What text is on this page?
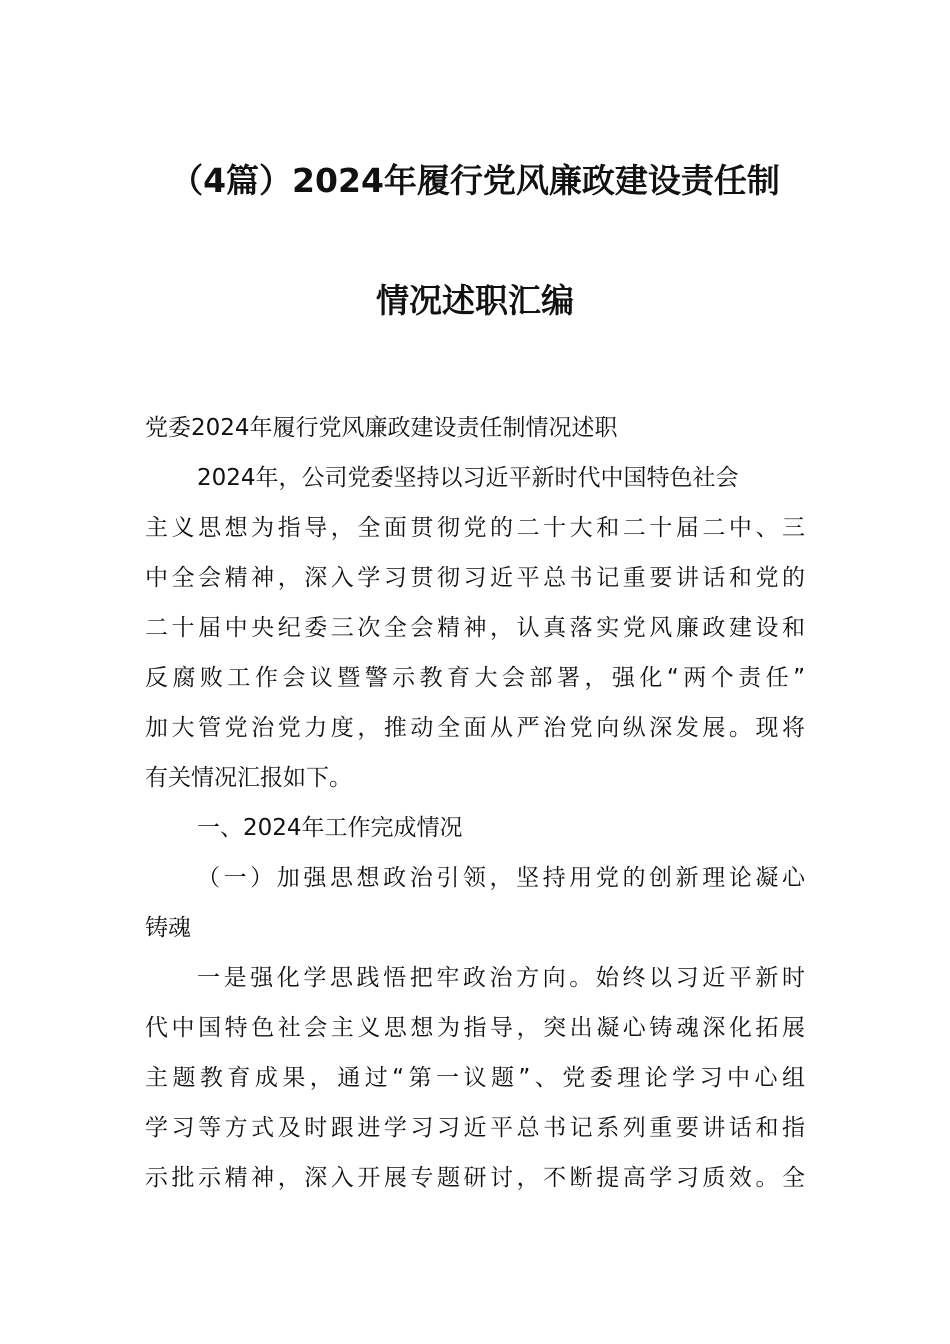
（4篇）2024年履行党风廉政建设责任制
情况述职汇编

党委2024年履行党风廉政建设责任制情况述职

2024年，公司党委坚持以习近平新时代中国特色社会
主义思想为指导，全面贯彻党的二十大和二十届二中、三
中全会精神，深入学习贯彻习近平总书记重要讲话和党的
二十届中央纪委三次全会精神，认真落实党风廉政建设和
反腐败工作会议暨警示教育大会部署，强化“两个责任”
加大管党治党力度，推动全面从严治党向纵深发展。现将
有关情况汇报如下。
一、2024年工作完成情况
（一）加强思想政治引领，坚持用党的创新理论凝心
铸魂
一是强化学思践悟把牢政治方向。始终以习近平新时
代中国特色社会主义思想为指导，突出凝心铸魂深化拓展
主题教育成果，通过“第一议题”、党委理论学习中心组
学习等方式及时跟进学习习近平总书记系列重要讲话和指
示批示精神，深入开展专题研讨，不断提高学习质效。全
